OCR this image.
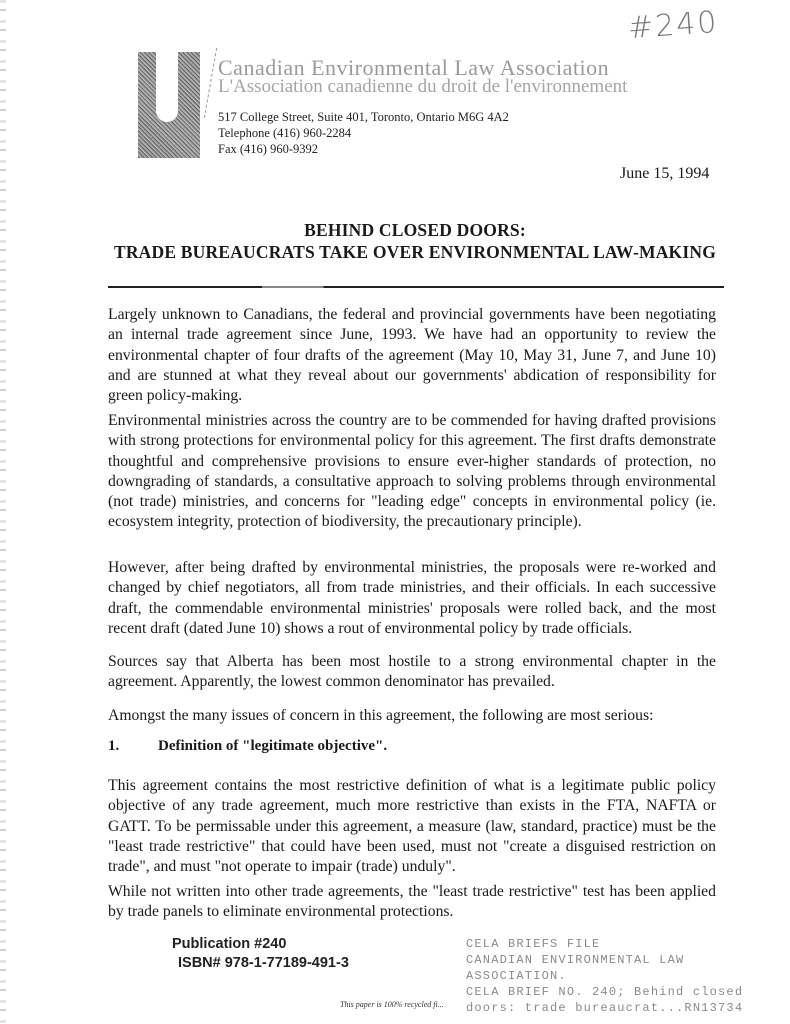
#240
Canadian Environmental Law Association
L'Association canadienne du droit de l'environnement
517 College Street, Suite 401, Toronto, Ontario M6G 4A2
Telephone (416) 960-2284
Fax (416) 960-9392
June 15, 1994
BEHIND CLOSED DOORS:
TRADE BUREAUCRATS TAKE OVER ENVIRONMENTAL LAW-MAKING
Largely unknown to Canadians, the federal and provincial governments have been negotiating an internal trade agreement since June, 1993. We have had an opportunity to review the environmental chapter of four drafts of the agreement (May 10, May 31, June 7, and June 10) and are stunned at what they reveal about our governments' abdication of responsibility for green policy-making.
Environmental ministries across the country are to be commended for having drafted provisions with strong protections for environmental policy for this agreement. The first drafts demonstrate thoughtful and comprehensive provisions to ensure ever-higher standards of protection, no downgrading of standards, a consultative approach to solving problems through environmental (not trade) ministries, and concerns for "leading edge" concepts in environmental policy (ie. ecosystem integrity, protection of biodiversity, the precautionary principle).
However, after being drafted by environmental ministries, the proposals were re-worked and changed by chief negotiators, all from trade ministries, and their officials. In each successive draft, the commendable environmental ministries' proposals were rolled back, and the most recent draft (dated June 10) shows a rout of environmental policy by trade officials.
Sources say that Alberta has been most hostile to a strong environmental chapter in the agreement. Apparently, the lowest common denominator has prevailed.
Amongst the many issues of concern in this agreement, the following are most serious:
1.	Definition of "legitimate objective".
This agreement contains the most restrictive definition of what is a legitimate public policy objective of any trade agreement, much more restrictive than exists in the FTA, NAFTA or GATT. To be permissable under this agreement, a measure (law, standard, practice) must be the "least trade restrictive" that could have been used, must not "create a disguised restriction on trade", and must "not operate to impair (trade) unduly".
While not written into other trade agreements, the "least trade restrictive" test has been applied by trade panels to eliminate environmental protections.
Publication #240
ISBN# 978-1-77189-491-3
This paper is 100% recycled fi...
CELA BRIEFS FILE
CANADIAN ENVIRONMENTAL LAW
ASSOCIATION.
CELA BRIEF NO. 240; Behind closed
doors: trade bureaucrat...RN13734
